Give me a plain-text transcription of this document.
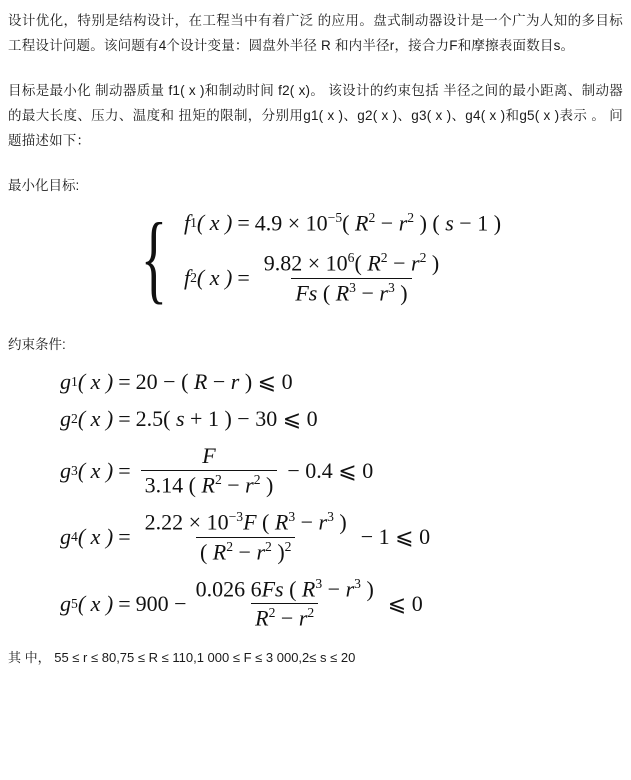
设计优化，特别是结构设计，在工程当中有着广泛 的应用。盘式制动器设计是一个广为人知的多目标 工程设计问题。该问题有4个设计变量：圆盘外半径 R 和内半径r，接合力F和摩擦表面数目s。

目标是最小化 制动器质量 f1( x )和制动时间 f2( x)。 该设计的约束包括 半径之间的最小距离、制动器的最大长度、压力、温度和 扭矩的限制，分别用g1( x )、g2( x )、g3( x )、g4( x )和g5( x )表示 。 问题描述如下：

最小化目标:
{ f 1 ( x ) = $4.9 \times 10^{-5}$( $R^2 - r^2$ ) ( s − 1 )
f 2 ( x ) = $\frac{9.82 \times 10^6( R^2 - r^2 )}{Fs ( R^3 - r^3 )}$
约束条件:
g 1 ( x ) = 20 − ( R − r ) ⩽ 0
g 2 ( x ) = 2.5( s + 1 ) − 30 ⩽ 0
g 3 ( x ) = $\frac{F}{3.14 ( R^2 - r^2 )} - 0.4$ ⩽ 0
g 4 ( x ) = $\frac{2.22 \times 10^{-3}F ( R^3 - r^3 )}{( R^2 - r^2 )^2} - 1$ ⩽ 0
g 5 ( x ) = $900 - \frac{0.026 6Fs ( R^3 - r^3 )}{R^2 - r^2}$ ⩽ 0
其 中， 55 ≤ r ≤ 80,75 ≤ R ≤ 110,1 000 ≤ F ≤ 3 000,2≤ s ≤ 20
